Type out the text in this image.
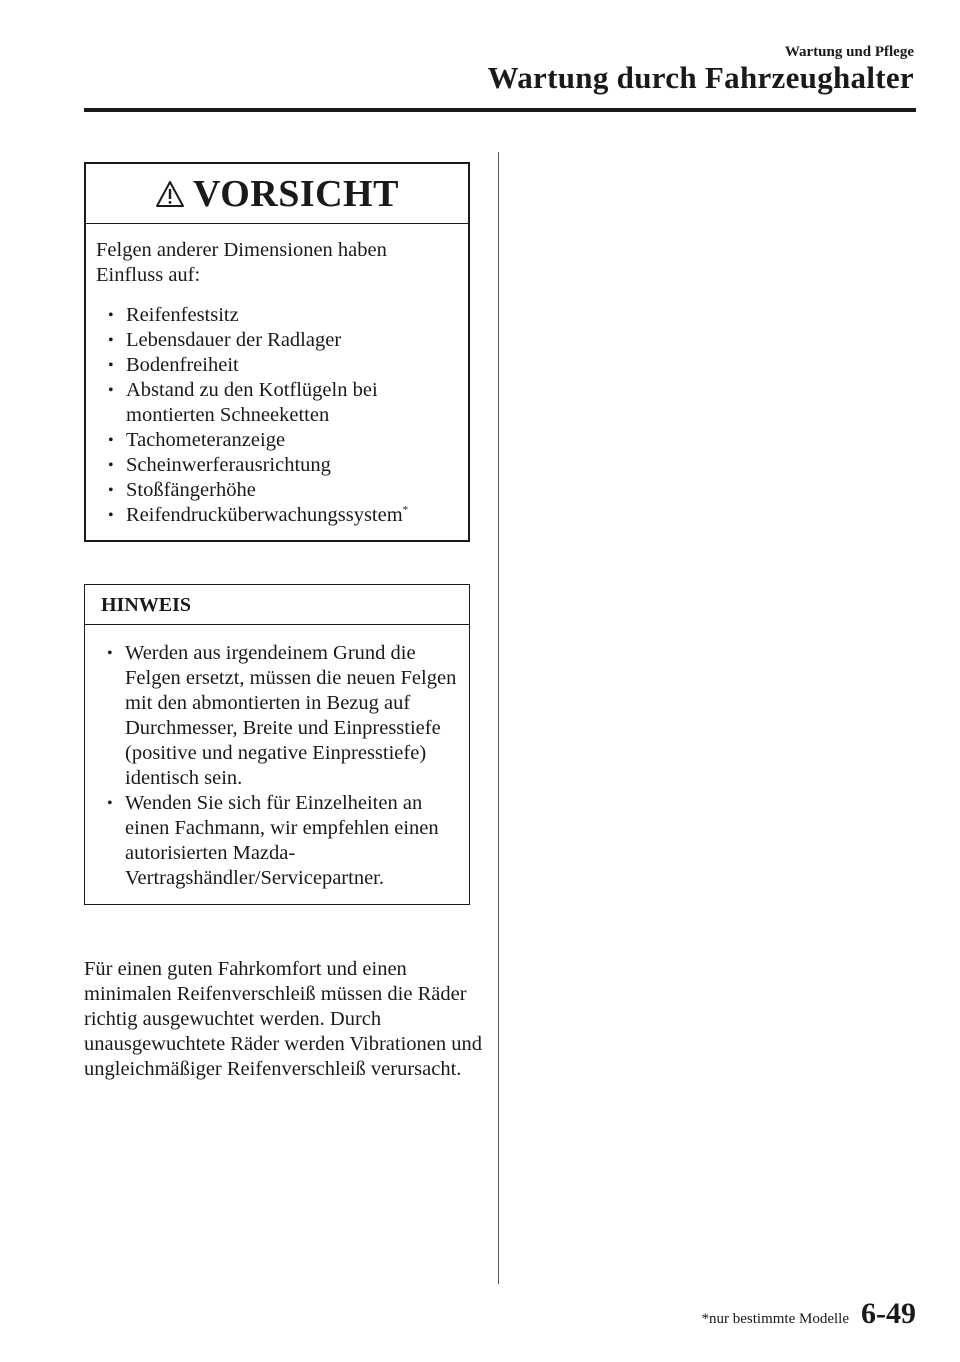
Wartung und Pflege
Wartung durch Fahrzeughalter
VORSICHT

Felgen anderer Dimensionen haben Einfluss auf:

• Reifenfestsitz
• Lebensdauer der Radlager
• Bodenfreiheit
• Abstand zu den Kotflügeln bei montierten Schneeketten
• Tachometeranzeige
• Scheinwerferausrichtung
• Stoßfängerhöhe
• Reifendrucküberwachungssystem*
HINWEIS
• Werden aus irgendeinem Grund die Felgen ersetzt, müssen die neuen Felgen mit den abmontierten in Bezug auf Durchmesser, Breite und Einpresstiefe (positive und negative Einpresstiefe) identisch sein.
• Wenden Sie sich für Einzelheiten an einen Fachmann, wir empfehlen einen autorisierten Mazda-Vertragshändler/Servicepartner.
Für einen guten Fahrkomfort und einen minimalen Reifenverschleiß müssen die Räder richtig ausgewuchtet werden. Durch unausgewuchtete Räder werden Vibrationen und ungleichmäßiger Reifenverschleiß verursacht.
*nur bestimmte Modelle 6-49
